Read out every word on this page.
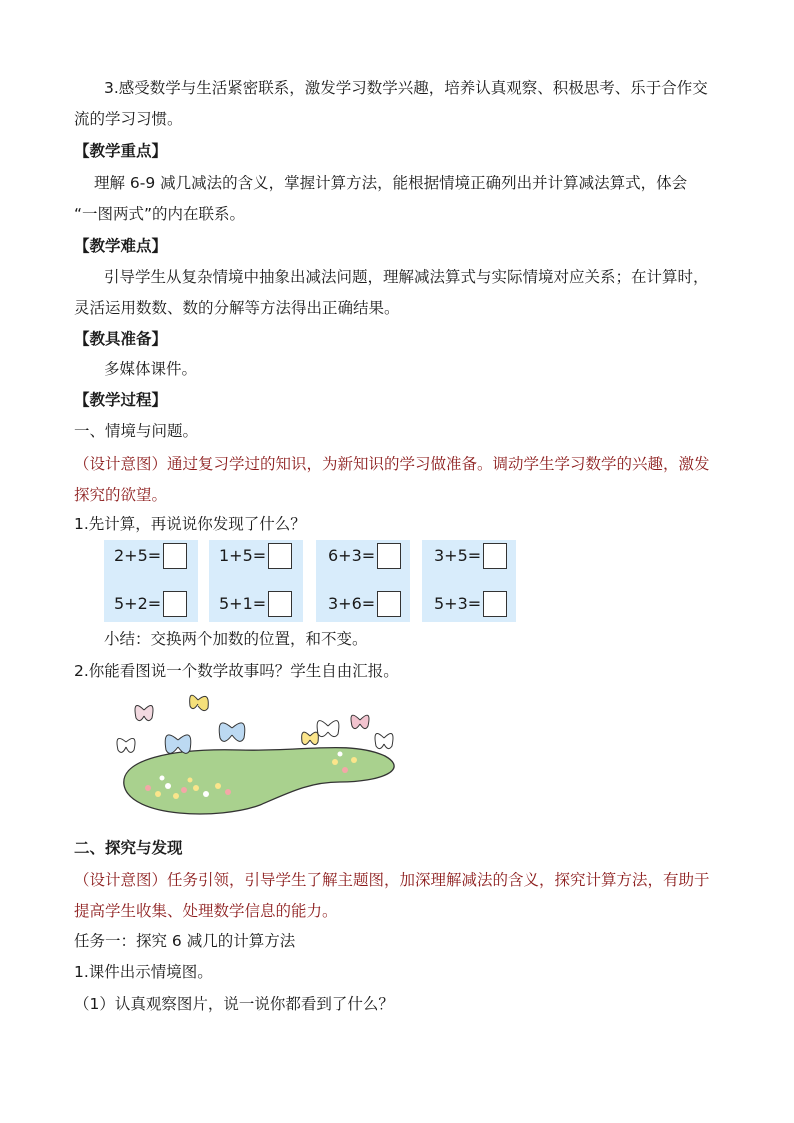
3.感受数学与生活紧密联系，激发学习数学兴趣，培养认真观察、积极思考、乐于合作交
流的学习习惯。
【教学重点】
理解 6-9 减几减法的含义，掌握计算方法，能根据情境正确列出并计算减法算式，体会
“一图两式”的内在联系。
【教学难点】
引导学生从复杂情境中抽象出减法问题，理解减法算式与实际情境对应关系；在计算时，
灵活运用数数、数的分解等方法得出正确结果。
【教具准备】
多媒体课件。
【教学过程】
一、情境与问题。
（设计意图）通过复习学过的知识，为新知识的学习做准备。调动学生学习数学的兴趣，激发
探究的欲望。
1.先计算，再说说你发现了什么？
2+5=
5+2=
1+5=
5+1=
6+3=
3+6=
3+5=
5+3=
小结：交换两个加数的位置，和不变。
2.你能看图说一个数学故事吗？学生自由汇报。
二、探究与发现
（设计意图）任务引领，引导学生了解主题图，加深理解减法的含义，探究计算方法，有助于
提高学生收集、处理数学信息的能力。
任务一：探究 6 减几的计算方法
1.课件出示情境图。
（1）认真观察图片，说一说你都看到了什么？
